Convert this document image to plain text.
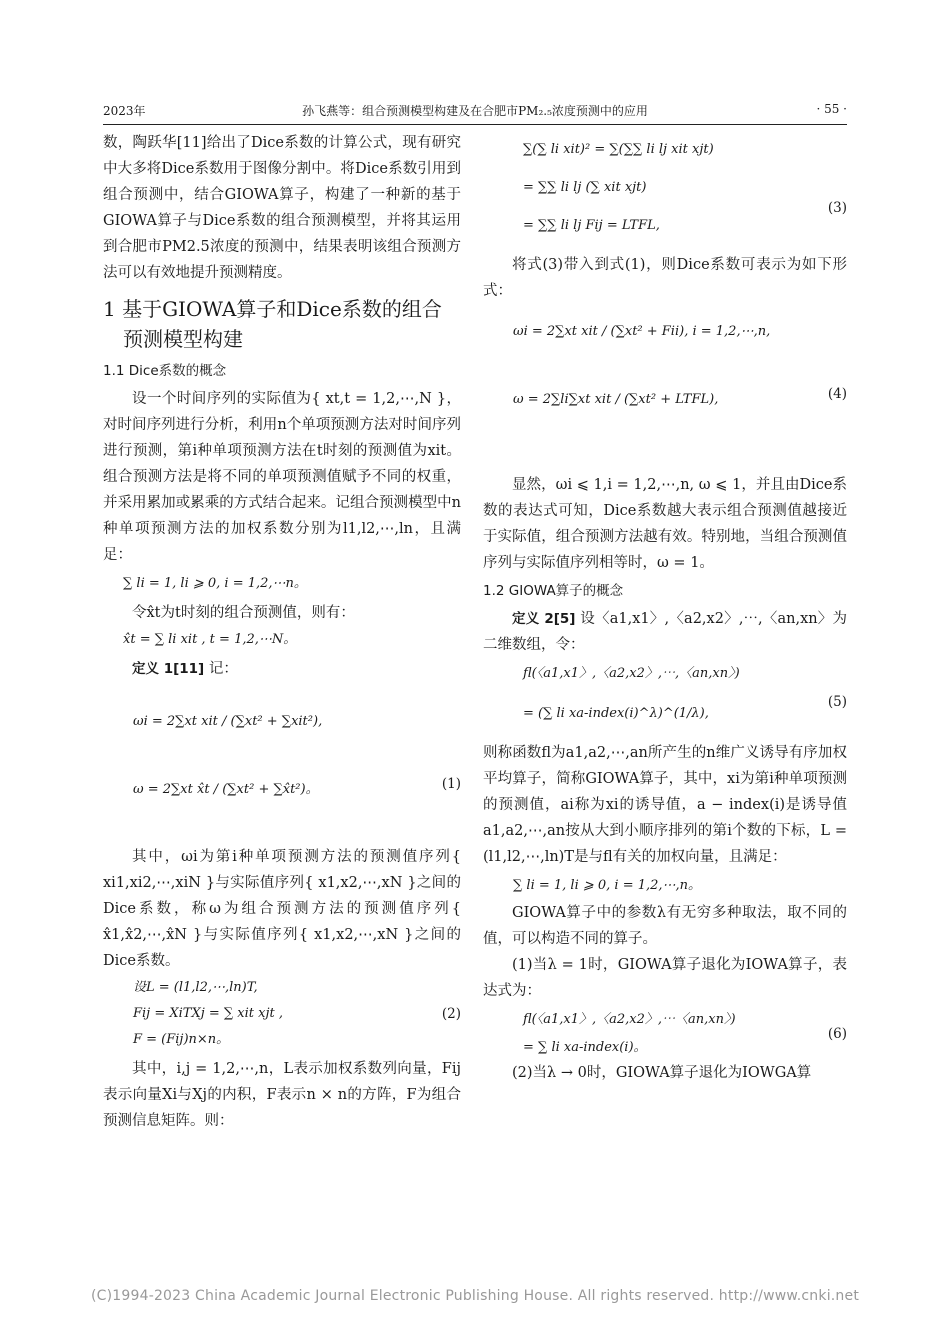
2023年	孙飞燕等：组合预测模型构建及在合肥市PM₂.₅浓度预测中的应用	· 55 ·

数，陶跃华[11]给出了Dice系数的计算公式，现有研究中大多将Dice系数用于图像分割中。将Dice系数引用到组合预测中，结合GIOWA算子，构建了一种新的基于GIOWA算子与Dice系数的组合预测模型，并将其运用到合肥市PM2.5浓度的预测中，结果表明该组合预测方法可以有效地提升预测精度。

1 基于GIOWA算子和Dice系数的组合
预测模型构建
1.1 Dice系数的概念

设一个时间序列的实际值为{ xt,t = 1,2,⋯,N }，对时间序列进行分析，利用n个单项预测方法对时间序列进行预测，第i种单项预测方法在t时刻的预测值为xit。组合预测方法是将不同的单项预测值赋予不同的权重，并采用累加或累乘的方式结合起来。记组合预测模型中n种单项预测方法的加权系数分别为l1,l2,⋯,ln，且满足：

∑ li = 1, li ⩾ 0, i = 1,2,⋯n。

令x̂t为t时刻的组合预测值，则有：

x̂t = ∑ li xit , t = 1,2,⋯N。

定义 1[11] 记：

ωi = 2∑xt xit / (∑xt² + ∑xit²),
ω = 2∑xt x̂t / (∑xt² + ∑x̂t²)。	(1)

其中，ωi为第i种单项预测方法的预测值序列{ xi1,xi2,⋯,xiN }与实际值序列{ x1,x2,⋯,xN }之间的Dice系数，称ω为组合预测方法的预测值序列{ x̂1,x̂2,⋯,x̂N }与实际值序列{ x1,x2,⋯,xN }之间的Dice系数。

设L = (l1,l2,⋯,ln)T,
Fij = XiTXj = ∑ xit xjt ,
F = (Fij)n×n。
(2)

其中，i,j = 1,2,⋯,n，L表示加权系数列向量，Fij表示向量Xi与Xj的内积，F表示n × n的方阵，F为组合预测信息矩阵。则：

∑(∑ li xit)² = ∑(∑∑ li lj xit xjt)
= ∑∑ li lj (∑ xit xjt)
= ∑∑ li lj Fij = LTFL,
(3)

将式(3)带入到式(1)，则Dice系数可表示为如下形式：

ωi = 2∑xt xit / (∑xt² + Fii), i = 1,2,⋯,n,
ω = 2∑li∑xt xit / (∑xt² + LTFL),	(4)

显然，ωi ⩽ 1,i = 1,2,⋯,n, ω ⩽ 1，并且由Dice系数的表达式可知，Dice系数越大表示组合预测值越接近于实际值，组合预测方法越有效。特别地，当组合预测值序列与实际值序列相等时，ω = 1。

1.2 GIOWA算子的概念

定义 2[5] 设〈a1,x1〉,〈a2,x2〉,⋯,〈an,xn〉为二维数组，令：

fl(〈a1,x1〉,〈a2,x2〉,⋯,〈an,xn〉)
= (∑ li xa-index(i)^λ)^(1/λ),
(5)

则称函数fl为a1,a2,⋯,an所产生的n维广义诱导有序加权平均算子，简称GIOWA算子，其中，xi为第i种单项预测的预测值，ai称为xi的诱导值，a − index(i)是诱导值a1,a2,⋯,an按从大到小顺序排列的第i个数的下标，L = (l1,l2,⋯,ln)T是与fl有关的加权向量，且满足：

∑ li = 1, li ⩾ 0, i = 1,2,⋯,n。

GIOWA算子中的参数λ有无穷多种取法，取不同的值，可以构造不同的算子。

(1)当λ = 1时，GIOWA算子退化为IOWA算子，表达式为：

fl(〈a1,x1〉,〈a2,x2〉,⋯〈an,xn〉)
= ∑ li xa-index(i)。
(6)

(2)当λ → 0时，GIOWA算子退化为IOWGA算

(C)1994-2023 China Academic Journal Electronic Publishing House. All rights reserved. http://www.cnki.net
